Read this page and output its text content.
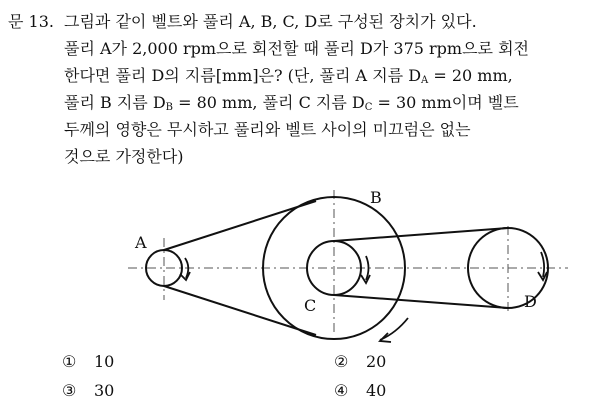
문 13. 그림과 같이 벨트와 풀리 A, B, C, D로 구성된 장치가 있다.
풀리 A가 2,000 rpm으로 회전할 때 풀리 D가 375 rpm으로 회전
한다면 풀리 D의 지름[mm]은? (단, 풀리 A 지름 $D_A = 20$ mm,
풀리 B 지름 $D_B = 80$ mm, 풀리 C 지름 $D_C = 30$ mm이며 벨트
두께의 영향은 무시하고 풀리와 벨트 사이의 미끄럼은 없는
것으로 가정한다)
A
B
C	D
① 10	② 20
③ 30	④ 40
